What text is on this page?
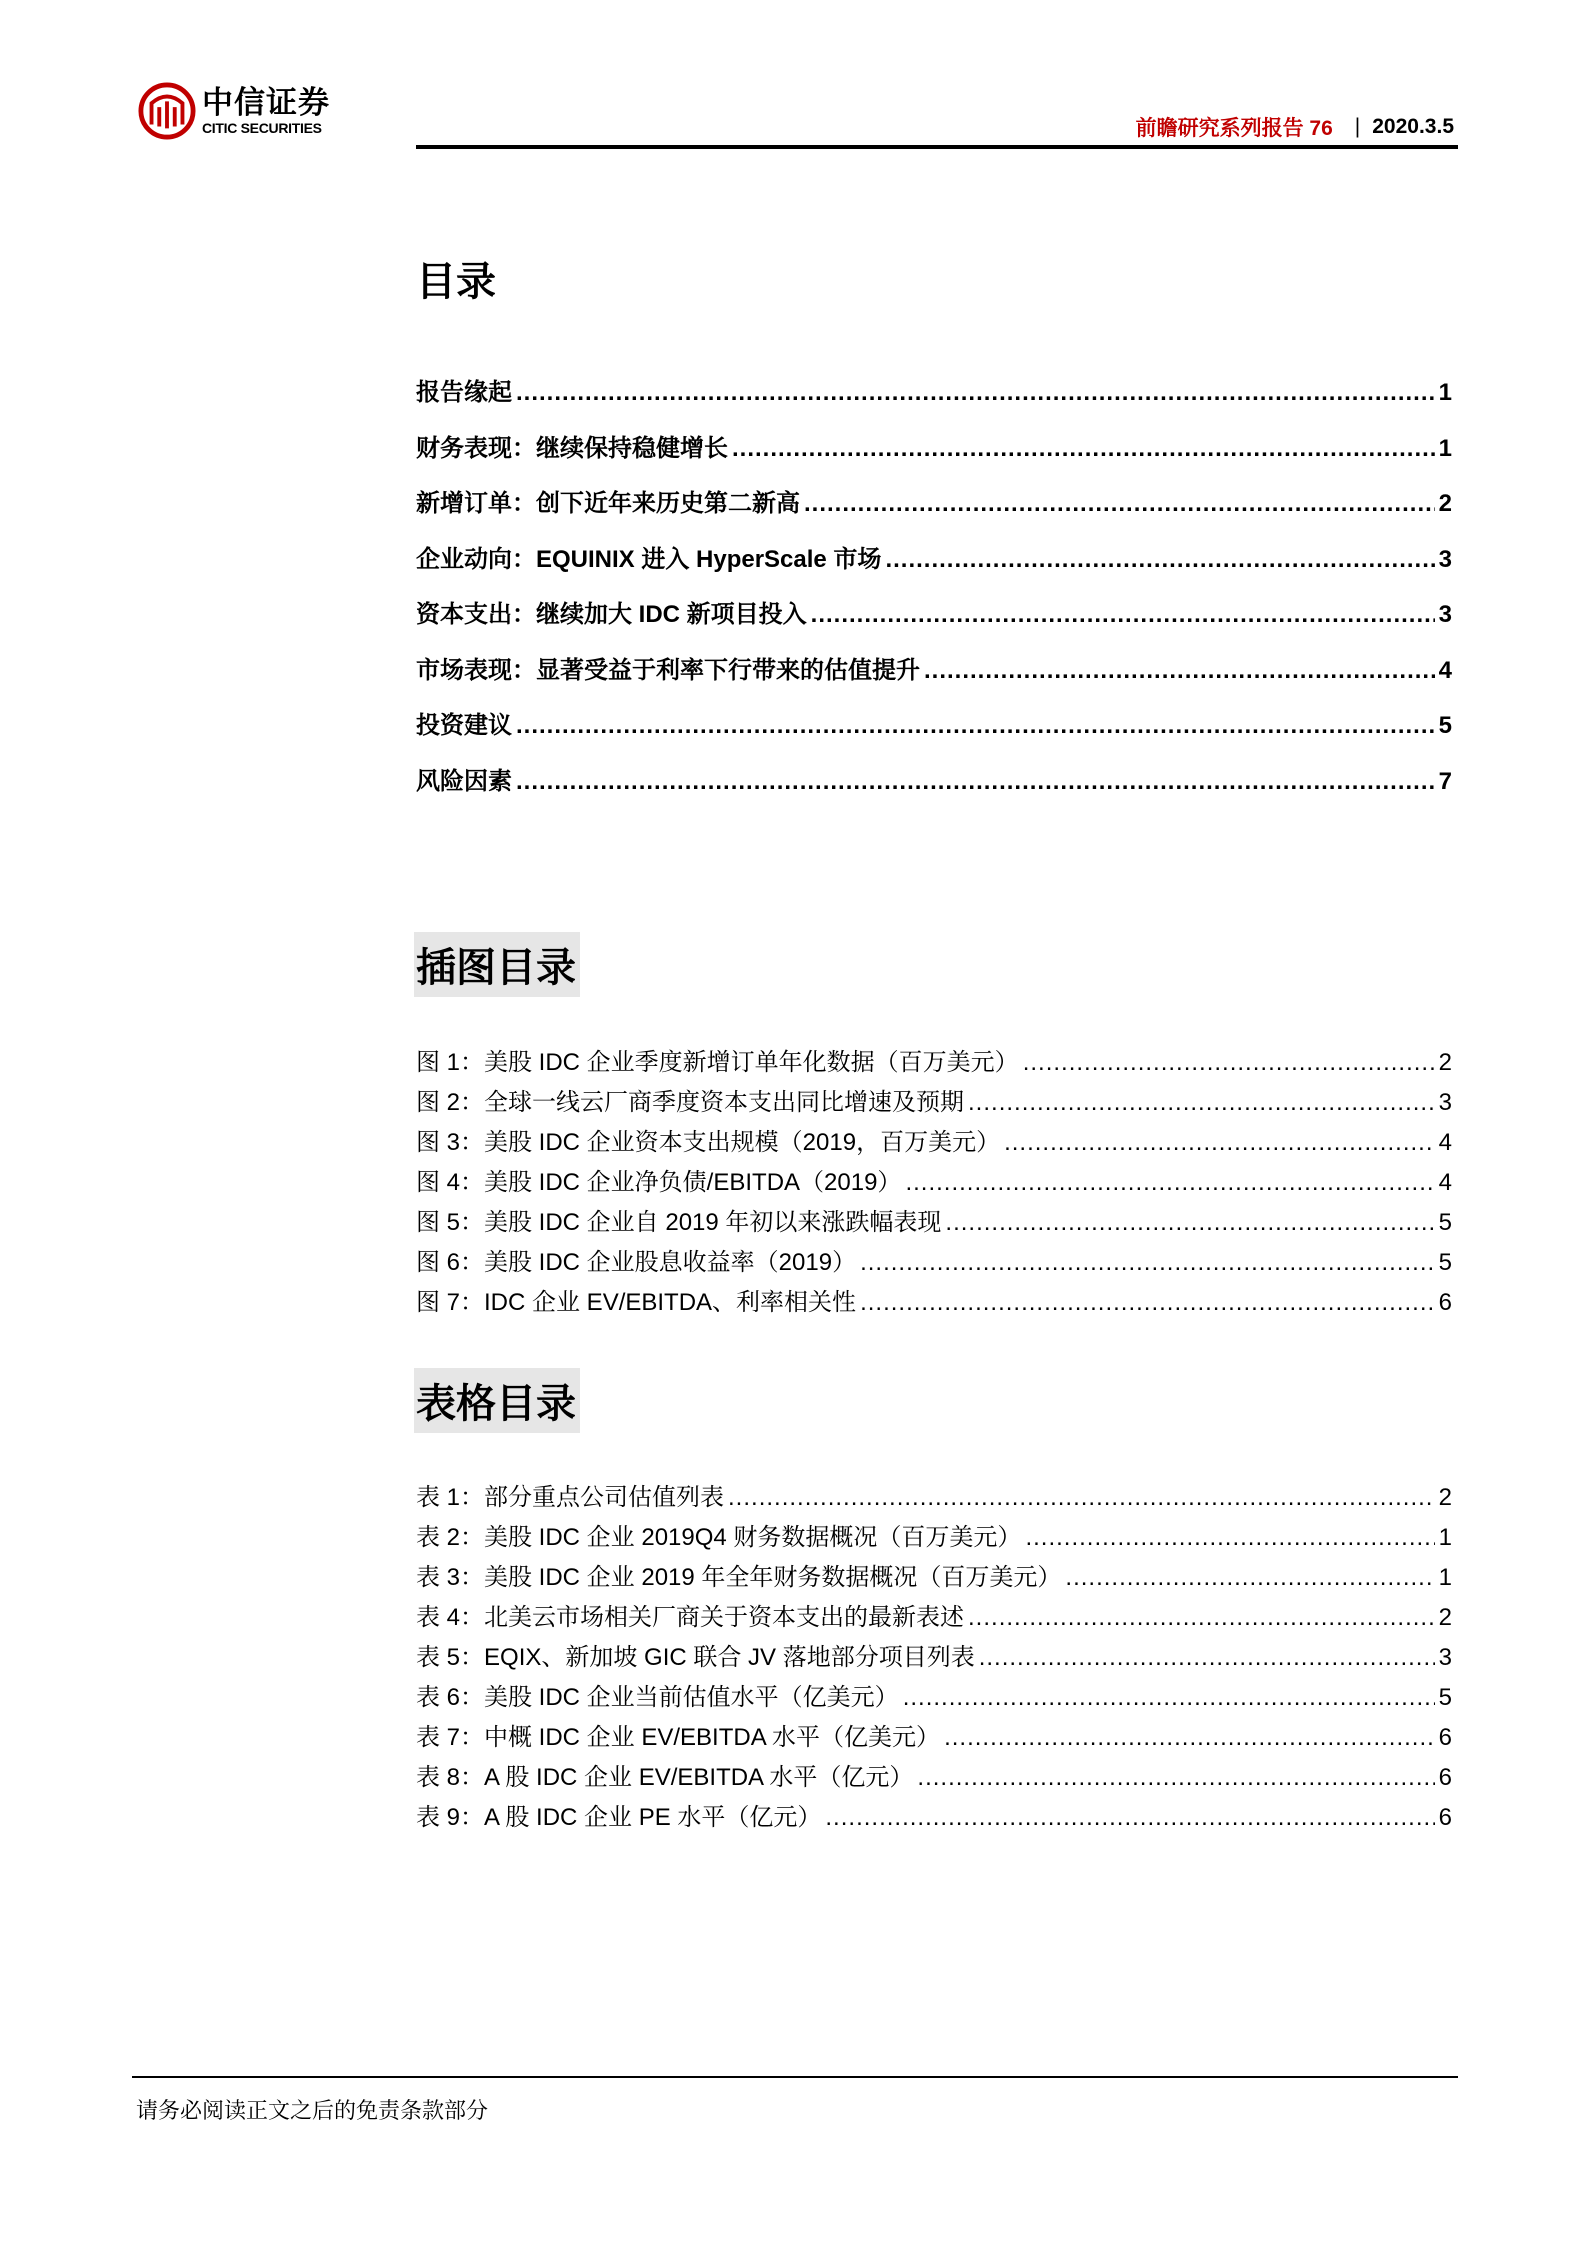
中信证券
CITIC SECURITIES	前瞻研究系列报告 76 | 2020.3.5
目录
报告缘起 .....	1
财务表现：继续保持稳健增长 .....	1
新增订单：创下近年来历史第二新高 .....	2
企业动向：EQUINIX 进入 HyperScale 市场 .....	3
资本支出：继续加大 IDC 新项目投入 .....	3
市场表现：显著受益于利率下行带来的估值提升 .....	4
投资建议 .....	5
风险因素 .....	7
插图目录
图 1：美股 IDC 企业季度新增订单年化数据（百万美元） .....	2
图 2：全球一线云厂商季度资本支出同比增速及预期 .....	3
图 3：美股 IDC 企业资本支出规模（2019，百万美元） .....	4
图 4：美股 IDC 企业净负债/EBITDA（2019） .....	4
图 5：美股 IDC 企业自 2019 年初以来涨跌幅表现 .....	5
图 6：美股 IDC 企业股息收益率（2019） .....	5
图 7：IDC 企业 EV/EBITDA、利率相关性 .....	6
表格目录
表 1：部分重点公司估值列表 .....	2
表 2：美股 IDC 企业 2019Q4 财务数据概况（百万美元） .....	1
表 3：美股 IDC 企业 2019 年全年财务数据概况（百万美元） .....	1
表 4：北美云市场相关厂商关于资本支出的最新表述 .....	2
表 5：EQIX、新加坡 GIC 联合 JV 落地部分项目列表 .....	3
表 6：美股 IDC 企业当前估值水平（亿美元） .....	5
表 7：中概 IDC 企业 EV/EBITDA 水平（亿美元） .....	6
表 8：A 股 IDC 企业 EV/EBITDA 水平（亿元） .....	6
表 9：A 股 IDC 企业 PE 水平（亿元） .....	6
请务必阅读正文之后的免责条款部分
